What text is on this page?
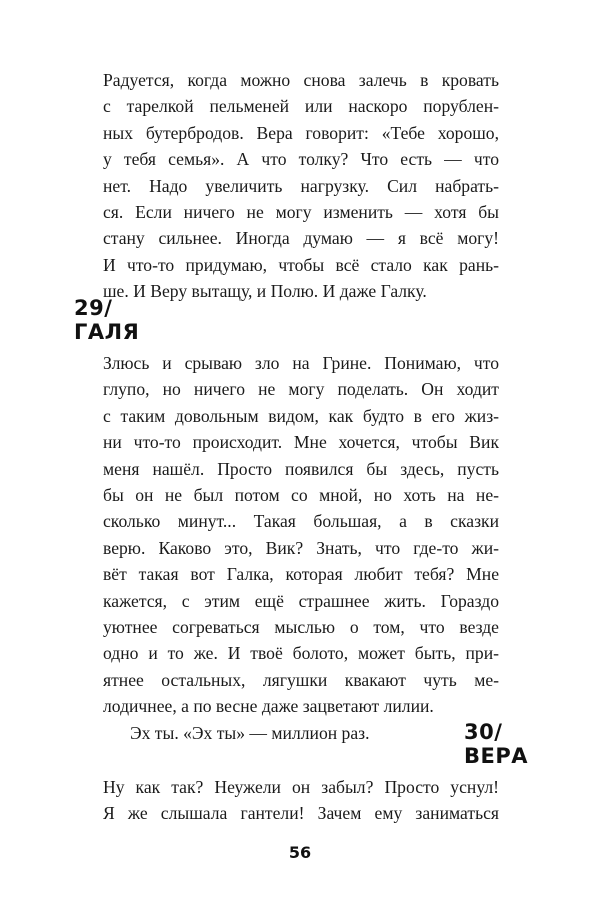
Радуется, когда можно снова залечь в кровать
с тарелкой пельменей или наскоро порублен-
ных бутербродов. Вера говорит: «Тебе хорошо,
у тебя семья». А что толку? Что есть — что
нет. Надо увеличить нагрузку. Сил набрать-
ся. Если ничего не могу изменить — хотя бы
стану сильнее. Иногда думаю — я всё могу!
И что-то придумаю, чтобы всё стало как рань-
ше. И Веру вытащу, и Полю. И даже Галку.
29/
ГАЛЯ
Злюсь и срываю зло на Грине. Понимаю, что
глупо, но ничего не могу поделать. Он ходит
с таким довольным видом, как будто в его жиз-
ни что-то происходит. Мне хочется, чтобы Вик
меня нашёл. Просто появился бы здесь, пусть
бы он не был потом со мной, но хоть на не-
сколько минут... Такая большая, а в сказки
верю. Каково это, Вик? Знать, что где-то жи-
вёт такая вот Галка, которая любит тебя? Мне
кажется, с этим ещё страшнее жить. Гораздо
уютнее согреваться мыслью о том, что везде
одно и то же. И твоё болото, может быть, при-
ятнее остальных, лягушки квакают чуть ме-
лодичнее, а по весне даже зацветают лилии.
Эх ты. «Эх ты» — миллион раз.	30/
ВЕРА
Ну как так? Неужели он забыл? Просто уснул!
Я же слышала гантели! Зачем ему заниматься
56
